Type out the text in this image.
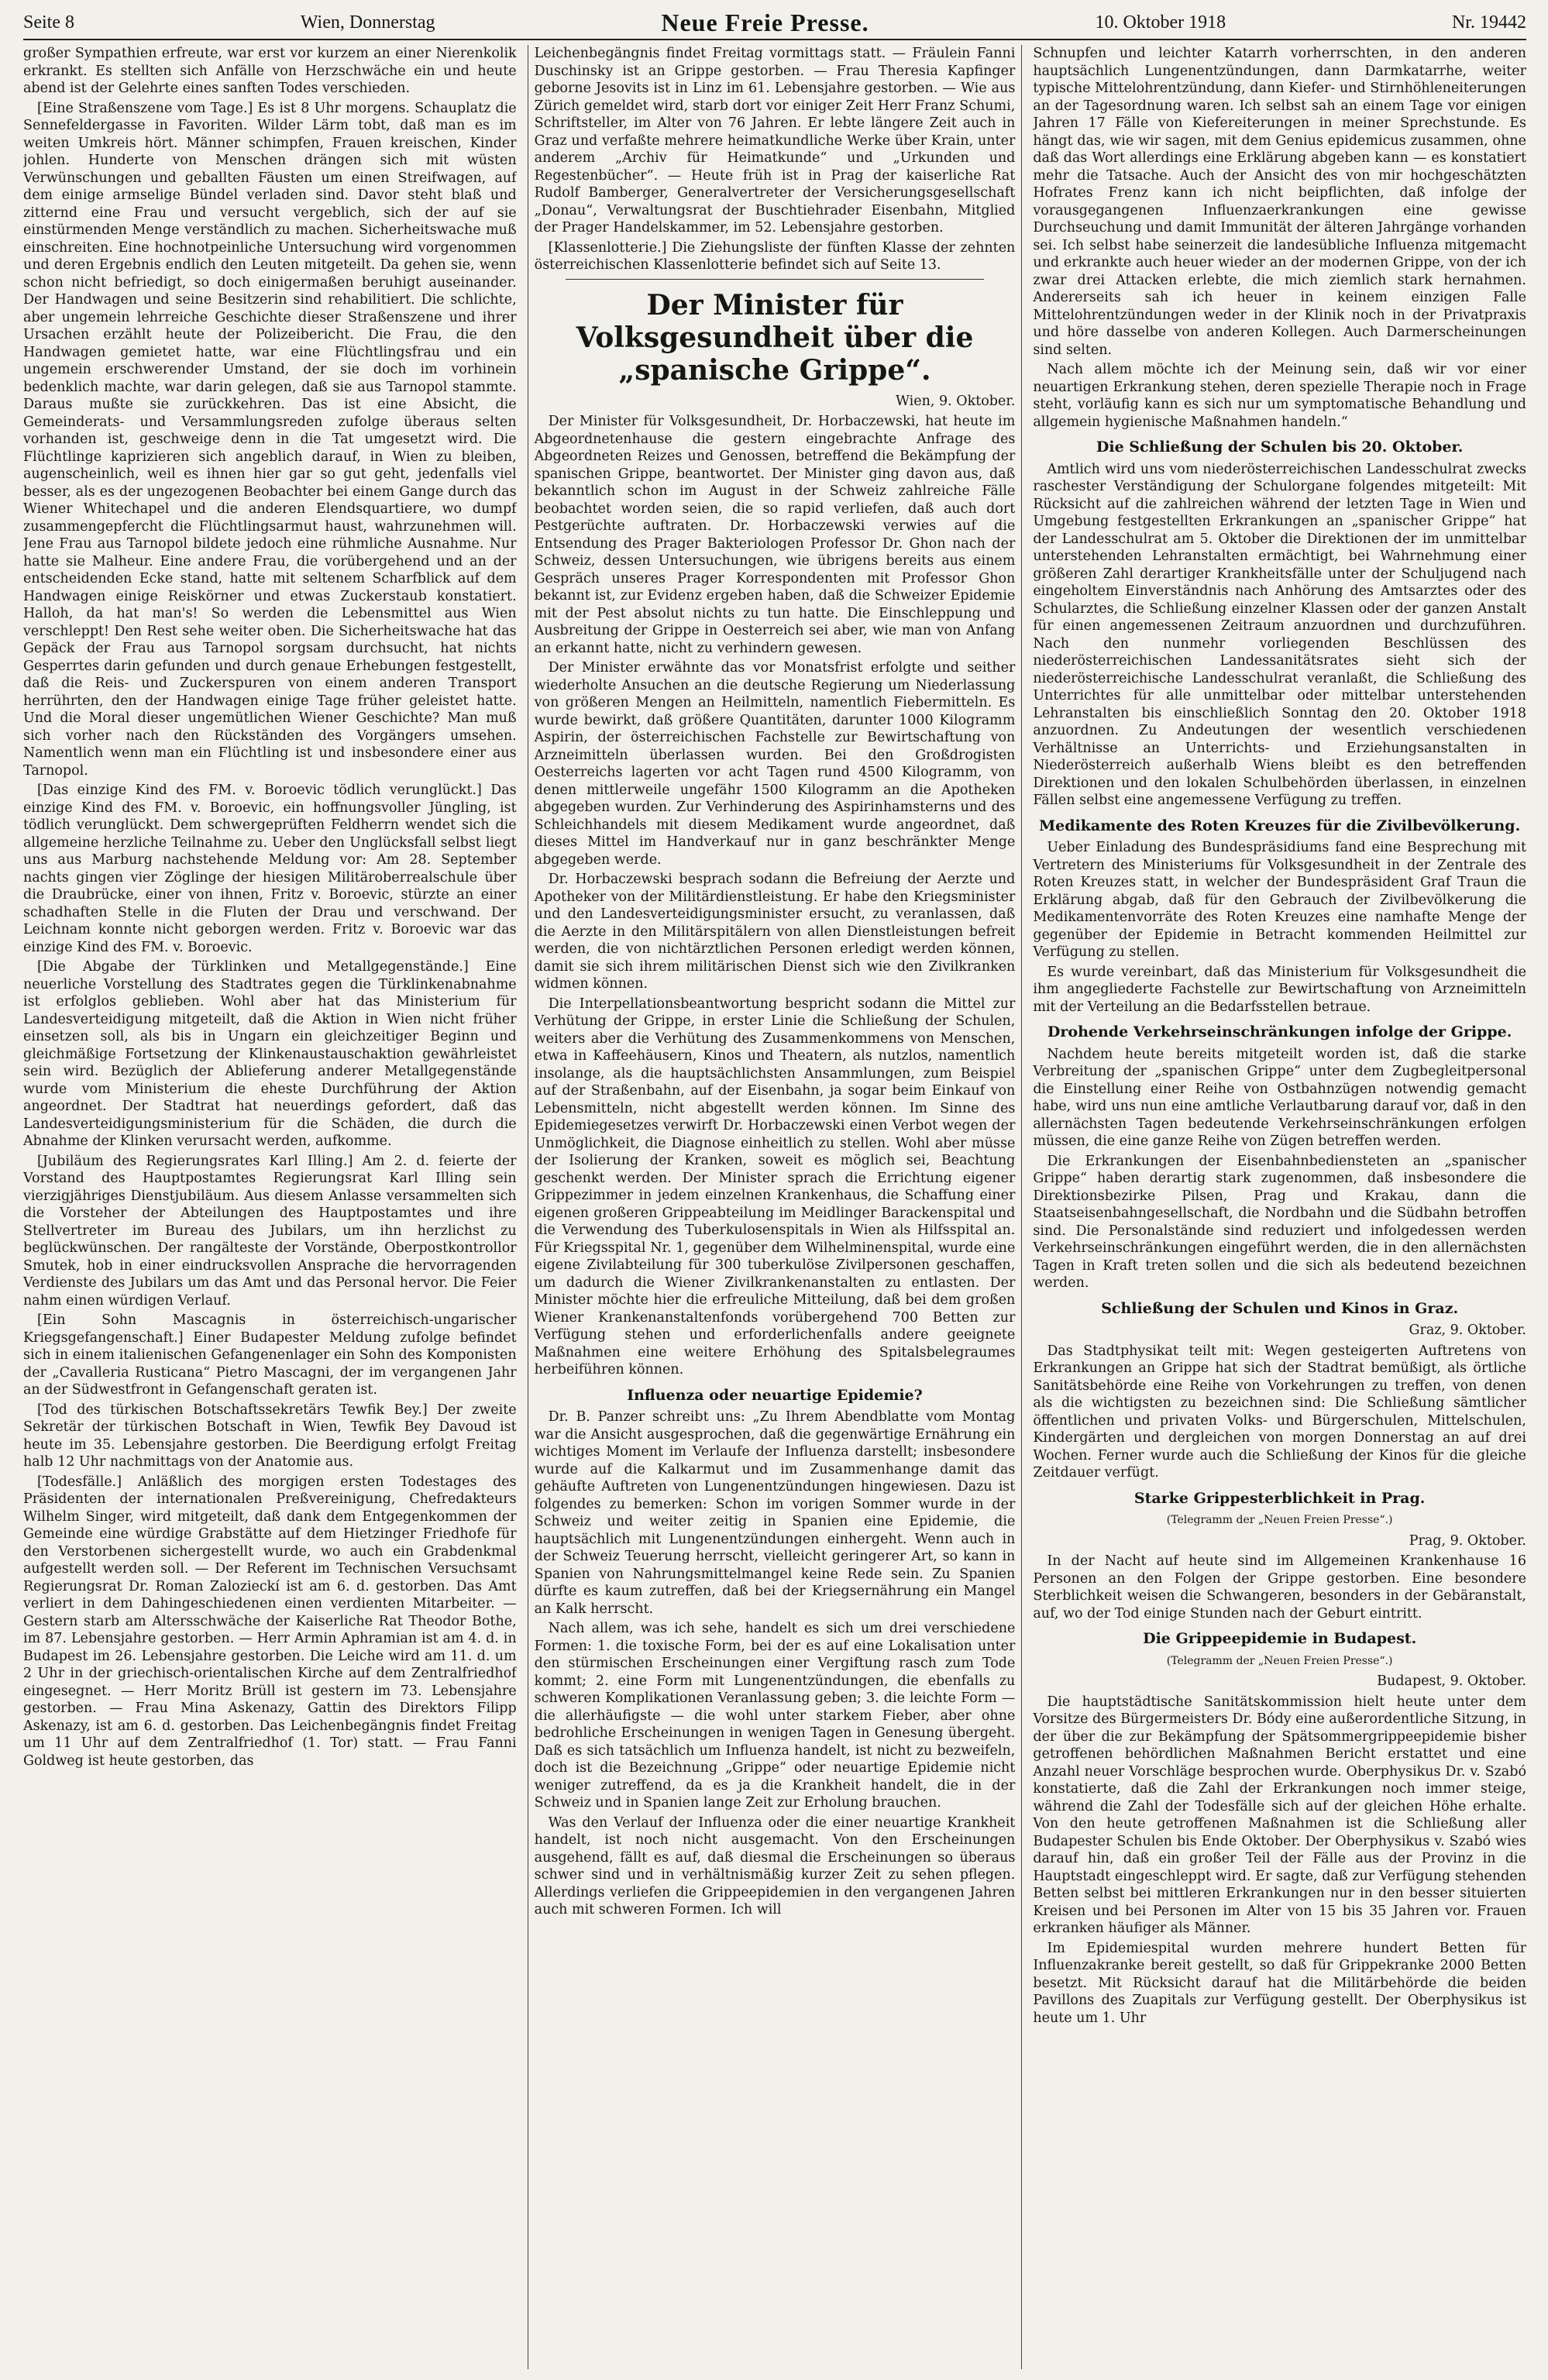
Seite 8	Wien, Donnerstag	Neue Freie Presse.	10. Oktober 1918	Nr. 19442

großer Sympathien erfreute, war erst vor kurzem an einer Nierenkolik erkrankt. Es stellten sich Anfälle von Herzschwäche ein und heute abend ist der Gelehrte eines sanften Todes verschieden.

[Eine Straßenszene vom Tage.] Es ist 8 Uhr morgens. Schauplatz die Sennefeldergasse in Favoriten. Wilder Lärm tobt, daß man es im weiten Umkreis hört. Männer schimpfen, Frauen kreischen, Kinder johlen. Hunderte von Menschen drängen sich mit wüsten Verwünschungen und geballten Fäusten um einen Streifwagen, auf dem einige armselige Bündel verladen sind. Davor steht blaß und zitternd eine Frau und versucht vergeblich, sich der auf sie einstürmenden Menge verständlich zu machen. Sicherheitswache muß einschreiten. Eine hochnotpeinliche Untersuchung wird vorgenommen und deren Ergebnis endlich den Leuten mitgeteilt. Da gehen sie, wenn schon nicht befriedigt, so doch einigermaßen beruhigt auseinander. Der Handwagen und seine Besitzerin sind rehabilitiert. Die schlichte, aber ungemein lehrreiche Geschichte dieser Straßenszene und ihrer Ursachen erzählt heute der Polizeibericht. Die Frau, die den Handwagen gemietet hatte, war eine Flüchtlingsfrau und ein ungemein erschwerender Umstand, der sie doch im vorhinein bedenklich machte, war darin gelegen, daß sie aus Tarnopol stammte. Daraus mußte sie zurückkehren. Das ist eine Absicht, die Gemeinderats- und Versammlungsreden zufolge überaus selten vorhanden ist, geschweige denn in die Tat umgesetzt wird. Die Flüchtlinge kaprizieren sich angeblich darauf, in Wien zu bleiben, augenscheinlich, weil es ihnen hier gar so gut geht, jedenfalls viel besser, als es der ungezogenen Beobachter bei einem Gange durch das Wiener Whitechapel und die anderen Elendsquartiere, wo dumpf zusammengepfercht die Flüchtlingsarmut haust, wahrzunehmen will. Jene Frau aus Tarnopol bildete jedoch eine rühmliche Ausnahme. Nur hatte sie Malheur. Eine andere Frau, die vorübergehend und an der entscheidenden Ecke stand, hatte mit seltenem Scharfblick auf dem Handwagen einige Reiskörner und etwas Zuckerstaub konstatiert. Halloh, da hat man's! So werden die Lebensmittel aus Wien verschleppt! Den Rest sehe weiter oben. Die Sicherheitswache hat das Gepäck der Frau aus Tarnopol sorgsam durchsucht, hat nichts Gesperrtes darin gefunden und durch genaue Erhebungen festgestellt, daß die Reis- und Zuckerspuren von einem anderen Transport herrührten, den der Handwagen einige Tage früher geleistet hatte. Und die Moral dieser ungemütlichen Wiener Geschichte? Man muß sich vorher nach den Rückständen des Vorgängers umsehen. Namentlich wenn man ein Flüchtling ist und insbesondere einer aus Tarnopol.

[Das einzige Kind des FM. v. Boroevic tödlich verunglückt.] Das einzige Kind des FM. v. Boroevic, ein hoffnungsvoller Jüngling, ist tödlich verunglückt. Dem schwergeprüften Feldherrn wendet sich die allgemeine herzliche Teilnahme zu. Ueber den Unglücksfall selbst liegt uns aus Marburg nachstehende Meldung vor: Am 28. September nachts gingen vier Zöglinge der hiesigen Militäroberrealschule über die Draubrücke, einer von ihnen, Fritz v. Boroevic, stürzte an einer schadhaften Stelle in die Fluten der Drau und verschwand. Der Leichnam konnte nicht geborgen werden. Fritz v. Boroevic war das einzige Kind des FM. v. Boroevic.

[Die Abgabe der Türklinken und Metallgegenstände.] Eine neuerliche Vorstellung des Stadtrates gegen die Türklinkenabnahme ist erfolglos geblieben. Wohl aber hat das Ministerium für Landesverteidigung mitgeteilt, daß die Aktion in Wien nicht früher einsetzen soll, als bis in Ungarn ein gleichzeitiger Beginn und gleichmäßige Fortsetzung der Klinkenaustauschaktion gewährleistet sein wird. Bezüglich der Ablieferung anderer Metallgegenstände wurde vom Ministerium die eheste Durchführung der Aktion angeordnet. Der Stadtrat hat neuerdings gefordert, daß das Landesverteidigungsministerium für die Schäden, die durch die Abnahme der Klinken verursacht werden, aufkomme.

[Jubiläum des Regierungsrates Karl Illing.] Am 2. d. feierte der Vorstand des Hauptpostamtes Regierungsrat Karl Illing sein vierzigjähriges Dienstjubiläum. Aus diesem Anlasse versammelten sich die Vorsteher der Abteilungen des Hauptpostamtes und ihre Stellvertreter im Bureau des Jubilars, um ihn herzlichst zu beglückwünschen. Der rangälteste der Vorstände, Oberpostkontrollor Smutek, hob in einer eindrucksvollen Ansprache die hervorragenden Verdienste des Jubilars um das Amt und das Personal hervor. Die Feier nahm einen würdigen Verlauf.

[Ein Sohn Mascagnis in österreichisch-ungarischer Kriegsgefangenschaft.] Einer Budapester Meldung zufolge befindet sich in einem italienischen Gefangenenlager ein Sohn des Komponisten der „Cavalleria Rusticana“ Pietro Mascagni, der im vergangenen Jahr an der Südwestfront in Gefangenschaft geraten ist.

[Tod des türkischen Botschaftssekretärs Tewfik Bey.] Der zweite Sekretär der türkischen Botschaft in Wien, Tewfik Bey Davoud ist heute im 35. Lebensjahre gestorben. Die Beerdigung erfolgt Freitag halb 12 Uhr nachmittags von der Anatomie aus.

[Todesfälle.] Anläßlich des morgigen ersten Todestages des Präsidenten der internationalen Preßvereinigung, Chefredakteurs Wilhelm Singer, wird mitgeteilt, daß dank dem Entgegenkommen der Gemeinde eine würdige Grabstätte auf dem Hietzinger Friedhofe für den Verstorbenen sichergestellt wurde, wo auch ein Grabdenkmal aufgestellt werden soll. — Der Referent im Technischen Versuchsamt Regierungsrat Dr. Roman Zalozieckí ist am 6. d. gestorben. Das Amt verliert in dem Dahingeschiedenen einen verdienten Mitarbeiter. — Gestern starb am Altersschwäche der Kaiserliche Rat Theodor Bothe, im 87. Lebensjahre gestorben. — Herr Armin Aphramian ist am 4. d. in Budapest im 26. Lebensjahre gestorben. Die Leiche wird am 11. d. um 2 Uhr in der griechisch-orientalischen Kirche auf dem Zentralfriedhof eingesegnet. — Herr Moritz Brüll ist gestern im 73. Lebensjahre gestorben. — Frau Mina Askenazy, Gattin des Direktors Filipp Askenazy, ist am 6. d. gestorben. Das Leichenbegängnis findet Freitag um 11 Uhr auf dem Zentralfriedhof (1. Tor) statt. — Frau Fanni Goldweg ist heute gestorben, das

Leichenbegängnis findet Freitag vormittags statt. — Fräulein Fanni Duschinsky ist an Grippe gestorben. — Frau Theresia Kapfinger geborne Jesovits ist in Linz im 61. Lebensjahre gestorben. — Wie aus Zürich gemeldet wird, starb dort vor einiger Zeit Herr Franz Schumi, Schriftsteller, im Alter von 76 Jahren. Er lebte längere Zeit auch in Graz und verfaßte mehrere heimatkundliche Werke über Krain, unter anderem „Archiv für Heimatkunde“ und „Urkunden und Regestenbücher“. — Heute früh ist in Prag der kaiserliche Rat Rudolf Bamberger, Generalvertreter der Versicherungsgesellschaft „Donau“, Verwaltungsrat der Buschtiehrader Eisenbahn, Mitglied der Prager Handelskammer, im 52. Lebensjahre gestorben.

[Klassenlotterie.] Die Ziehungsliste der fünften Klasse der zehnten österreichischen Klassenlotterie befindet sich auf Seite 13.

Der Minister für Volksgesundheit über die „spanische Grippe“.
Wien, 9. Oktober.

Der Minister für Volksgesundheit, Dr. Horbaczewski, hat heute im Abgeordnetenhause die gestern eingebrachte Anfrage des Abgeordneten Reizes und Genossen, betreffend die Bekämpfung der spanischen Grippe, beantwortet. Der Minister ging davon aus, daß bekanntlich schon im August in der Schweiz zahlreiche Fälle beobachtet worden seien, die so rapid verliefen, daß auch dort Pestgerüchte auftraten. Dr. Horbaczewski verwies auf die Entsendung des Prager Bakteriologen Professor Dr. Ghon nach der Schweiz, dessen Untersuchungen, wie übrigens bereits aus einem Gespräch unseres Prager Korrespondenten mit Professor Ghon bekannt ist, zur Evidenz ergeben haben, daß die Schweizer Epidemie mit der Pest absolut nichts zu tun hatte. Die Einschleppung und Ausbreitung der Grippe in Oesterreich sei aber, wie man von Anfang an erkannt hatte, nicht zu verhindern gewesen.

Der Minister erwähnte das vor Monatsfrist erfolgte und seither wiederholte Ansuchen an die deutsche Regierung um Niederlassung von größeren Mengen an Heilmitteln, namentlich Fiebermitteln. Es wurde bewirkt, daß größere Quantitäten, darunter 1000 Kilogramm Aspirin, der österreichischen Fachstelle zur Bewirtschaftung von Arzneimitteln überlassen wurden. Bei den Großdrogisten Oesterreichs lagerten vor acht Tagen rund 4500 Kilogramm, von denen mittlerweile ungefähr 1500 Kilogramm an die Apotheken abgegeben wurden. Zur Verhinderung des Aspirinhamsterns und des Schleichhandels mit diesem Medikament wurde angeordnet, daß dieses Mittel im Handverkauf nur in ganz beschränkter Menge abgegeben werde.

Dr. Horbaczewski besprach sodann die Befreiung der Aerzte und Apotheker von der Militärdienstleistung. Er habe den Kriegsminister und den Landesverteidigungsminister ersucht, zu veranlassen, daß die Aerzte in den Militärspitälern von allen Dienstleistungen befreit werden, die von nichtärztlichen Personen erledigt werden können, damit sie sich ihrem militärischen Dienst sich wie den Zivilkranken widmen können.

Die Interpellationsbeantwortung bespricht sodann die Mittel zur Verhütung der Grippe, in erster Linie die Schließung der Schulen, weiters aber die Verhütung des Zusammenkommens von Menschen, etwa in Kaffeehäusern, Kinos und Theatern, als nutzlos, namentlich insolange, als die hauptsächlichsten Ansammlungen, zum Beispiel auf der Straßenbahn, auf der Eisenbahn, ja sogar beim Einkauf von Lebensmitteln, nicht abgestellt werden können. Im Sinne des Epidemiegesetzes verwirft Dr. Horbaczewski einen Verbot wegen der Unmöglichkeit, die Diagnose einheitlich zu stellen. Wohl aber müsse der Isolierung der Kranken, soweit es möglich sei, Beachtung geschenkt werden. Der Minister sprach die Errichtung eigener Grippezimmer in jedem einzelnen Krankenhaus, die Schaffung einer eigenen großeren Grippeabteilung im Meidlinger Barackenspital und die Verwendung des Tuberkulosenspitals in Wien als Hilfsspital an. Für Kriegsspital Nr. 1, gegenüber dem Wilhelminenspital, wurde eine eigene Zivilabteilung für 300 tuberkulöse Zivilpersonen geschaffen, um dadurch die Wiener Zivilkrankenanstalten zu entlasten. Der Minister möchte hier die erfreuliche Mitteilung, daß bei dem großen Wiener Krankenanstaltenfonds vorübergehend 700 Betten zur Verfügung stehen und erforderlichenfalls andere geeignete Maßnahmen eine weitere Erhöhung des Spitalsbelegraumes herbeiführen können.

Influenza oder neuartige Epidemie?

Dr. B. Panzer schreibt uns: „Zu Ihrem Abendblatte vom Montag war die Ansicht ausgesprochen, daß die gegenwärtige Ernährung ein wichtiges Moment im Verlaufe der Influenza darstellt; insbesondere wurde auf die Kalkarmut und im Zusammenhange damit das gehäufte Auftreten von Lungenentzündungen hingewiesen. Dazu ist folgendes zu bemerken: Schon im vorigen Sommer wurde in der Schweiz und weiter zeitig in Spanien eine Epidemie, die hauptsächlich mit Lungenentzündungen einhergeht. Wenn auch in der Schweiz Teuerung herrscht, vielleicht geringerer Art, so kann in Spanien von Nahrungsmittelmangel keine Rede sein. Zu Spanien dürfte es kaum zutreffen, daß bei der Kriegsernährung ein Mangel an Kalk herrscht.

Nach allem, was ich sehe, handelt es sich um drei verschiedene Formen: 1. die toxische Form, bei der es auf eine Lokalisation unter den stürmischen Erscheinungen einer Vergiftung rasch zum Tode kommt; 2. eine Form mit Lungenentzündungen, die ebenfalls zu schweren Komplikationen Veranlassung geben; 3. die leichte Form — die allerhäufigste — die wohl unter starkem Fieber, aber ohne bedrohliche Erscheinungen in wenigen Tagen in Genesung übergeht. Daß es sich tatsächlich um Influenza handelt, ist nicht zu bezweifeln, doch ist die Bezeichnung „Grippe“ oder neuartige Epidemie nicht weniger zutreffend, da es ja die Krankheit handelt, die in der Schweiz und in Spanien lange Zeit zur Erholung brauchen.

Was den Verlauf der Influenza oder die einer neuartige Krankheit handelt, ist noch nicht ausgemacht. Von den Erscheinungen ausgehend, fällt es auf, daß diesmal die Erscheinungen so überaus schwer sind und in verhältnismäßig kurzer Zeit zu sehen pflegen. Allerdings verliefen die Grippeepidemien in den vergangenen Jahren auch mit schweren Formen. Ich will

Schnupfen und leichter Katarrh vorherrschten, in den anderen hauptsächlich Lungenentzündungen, dann Darmkatarrhe, weiter typische Mittelohrentzündung, dann Kiefer- und Stirnhöhleneiterungen an der Tagesordnung waren. Ich selbst sah an einem Tage vor einigen Jahren 17 Fälle von Kiefereiterungen in meiner Sprechstunde. Es hängt das, wie wir sagen, mit dem Genius epidemicus zusammen, ohne daß das Wort allerdings eine Erklärung abgeben kann — es konstatiert mehr die Tatsache. Auch der Ansicht des von mir hochgeschätzten Hofrates Frenz kann ich nicht beipflichten, daß infolge der vorausgegangenen Influenzaerkrankungen eine gewisse Durchseuchung und damit Immunität der älteren Jahrgänge vorhanden sei. Ich selbst habe seinerzeit die landesübliche Influenza mitgemacht und erkrankte auch heuer wieder an der modernen Grippe, von der ich zwar drei Attacken erlebte, die mich ziemlich stark hernahmen. Andererseits sah ich heuer in keinem einzigen Falle Mittelohrentzündungen weder in der Klinik noch in der Privatpraxis und höre dasselbe von anderen Kollegen. Auch Darmerscheinungen sind selten.

Nach allem möchte ich der Meinung sein, daß wir vor einer neuartigen Erkrankung stehen, deren spezielle Therapie noch in Frage steht, vorläufig kann es sich nur um symptomatische Behandlung und allgemein hygienische Maßnahmen handeln.“

Die Schließung der Schulen bis 20. Oktober.

Amtlich wird uns vom niederösterreichischen Landesschulrat zwecks raschester Verständigung der Schulorgane folgendes mitgeteilt: Mit Rücksicht auf die zahlreichen während der letzten Tage in Wien und Umgebung festgestellten Erkrankungen an „spanischer Grippe“ hat der Landesschulrat am 5. Oktober die Direktionen der im unmittelbar unterstehenden Lehranstalten ermächtigt, bei Wahrnehmung einer größeren Zahl derartiger Krankheitsfälle unter der Schuljugend nach eingeholtem Einverständnis nach Anhörung des Amtsarztes oder des Schularztes, die Schließung einzelner Klassen oder der ganzen Anstalt für einen angemessenen Zeitraum anzuordnen und durchzuführen. Nach den nunmehr vorliegenden Beschlüssen des niederösterreichischen Landessanitätsrates sieht sich der niederösterreichische Landesschulrat veranlaßt, die Schließung des Unterrichtes für alle unmittelbar oder mittelbar unterstehenden Lehranstalten bis einschließlich Sonntag den 20. Oktober 1918 anzuordnen. Zu Andeutungen der wesentlich verschiedenen Verhältnisse an Unterrichts- und Erziehungsanstalten in Niederösterreich außerhalb Wiens bleibt es den betreffenden Direktionen und den lokalen Schulbehörden überlassen, in einzelnen Fällen selbst eine angemessene Verfügung zu treffen.

Medikamente des Roten Kreuzes für die Zivilbevölkerung.

Ueber Einladung des Bundespräsidiums fand eine Besprechung mit Vertretern des Ministeriums für Volksgesundheit in der Zentrale des Roten Kreuzes statt, in welcher der Bundespräsident Graf Traun die Erklärung abgab, daß für den Gebrauch der Zivilbevölkerung die Medikamentenvorräte des Roten Kreuzes eine namhafte Menge der gegenüber der Epidemie in Betracht kommenden Heilmittel zur Verfügung zu stellen.

Es wurde vereinbart, daß das Ministerium für Volksgesundheit die ihm angegliederte Fachstelle zur Bewirtschaftung von Arzneimitteln mit der Verteilung an die Bedarfsstellen betraue.

Drohende Verkehrseinschränkungen infolge der Grippe.

Nachdem heute bereits mitgeteilt worden ist, daß die starke Verbreitung der „spanischen Grippe“ unter dem Zugbegleitpersonal die Einstellung einer Reihe von Ostbahnzügen notwendig gemacht habe, wird uns nun eine amtliche Verlautbarung darauf vor, daß in den allernächsten Tagen bedeutende Verkehrseinschränkungen erfolgen müssen, die eine ganze Reihe von Zügen betreffen werden.

Die Erkrankungen der Eisenbahnbediensteten an „spanischer Grippe“ haben derartig stark zugenommen, daß insbesondere die Direktionsbezirke Pilsen, Prag und Krakau, dann die Staatseisenbahngesellschaft, die Nordbahn und die Südbahn betroffen sind. Die Personalstände sind reduziert und infolgedessen werden Verkehrseinschränkungen eingeführt werden, die in den allernächsten Tagen in Kraft treten sollen und die sich als bedeutend bezeichnen werden.

Schließung der Schulen und Kinos in Graz.
Graz, 9. Oktober.

Das Stadtphysikat teilt mit: Wegen gesteigerten Auftretens von Erkrankungen an Grippe hat sich der Stadtrat bemüßigt, als örtliche Sanitätsbehörde eine Reihe von Vorkehrungen zu treffen, von denen als die wichtigsten zu bezeichnen sind: Die Schließung sämtlicher öffentlichen und privaten Volks- und Bürgerschulen, Mittelschulen, Kindergärten und dergleichen von morgen Donnerstag an auf drei Wochen. Ferner wurde auch die Schließung der Kinos für die gleiche Zeitdauer verfügt.

Starke Grippesterblichkeit in Prag.
(Telegramm der „Neuen Freien Presse“.)
Prag, 9. Oktober.

In der Nacht auf heute sind im Allgemeinen Krankenhause 16 Personen an den Folgen der Grippe gestorben. Eine besondere Sterblichkeit weisen die Schwangeren, besonders in der Gebäranstalt, auf, wo der Tod einige Stunden nach der Geburt eintritt.

Die Grippeepidemie in Budapest.
(Telegramm der „Neuen Freien Presse“.)
Budapest, 9. Oktober.

Die hauptstädtische Sanitätskommission hielt heute unter dem Vorsitze des Bürgermeisters Dr. Bódy eine außerordentliche Sitzung, in der über die zur Bekämpfung der Spätsommergrippeepidemie bisher getroffenen behördlichen Maßnahmen Bericht erstattet und eine Anzahl neuer Vorschläge besprochen wurde. Oberphysikus Dr. v. Szabó konstatierte, daß die Zahl der Erkrankungen noch immer steige, während die Zahl der Todesfälle sich auf der gleichen Höhe erhalte. Von den heute getroffenen Maßnahmen ist die Schließung aller Budapester Schulen bis Ende Oktober. Der Oberphysikus v. Szabó wies darauf hin, daß ein großer Teil der Fälle aus der Provinz in die Hauptstadt eingeschleppt wird. Er sagte, daß zur Verfügung stehenden Betten selbst bei mittleren Erkrankungen nur in den besser situierten Kreisen und bei Personen im Alter von 15 bis 35 Jahren vor. Frauen erkranken häufiger als Männer.

Im Epidemiespital wurden mehrere hundert Betten für Influenzakranke bereit gestellt, so daß für Grippekranke 2000 Betten besetzt. Mit Rücksicht darauf hat die Militärbehörde die beiden Pavillons des Zuapitals zur Verfügung gestellt. Der Oberphysikus ist heute um 1. Uhr
